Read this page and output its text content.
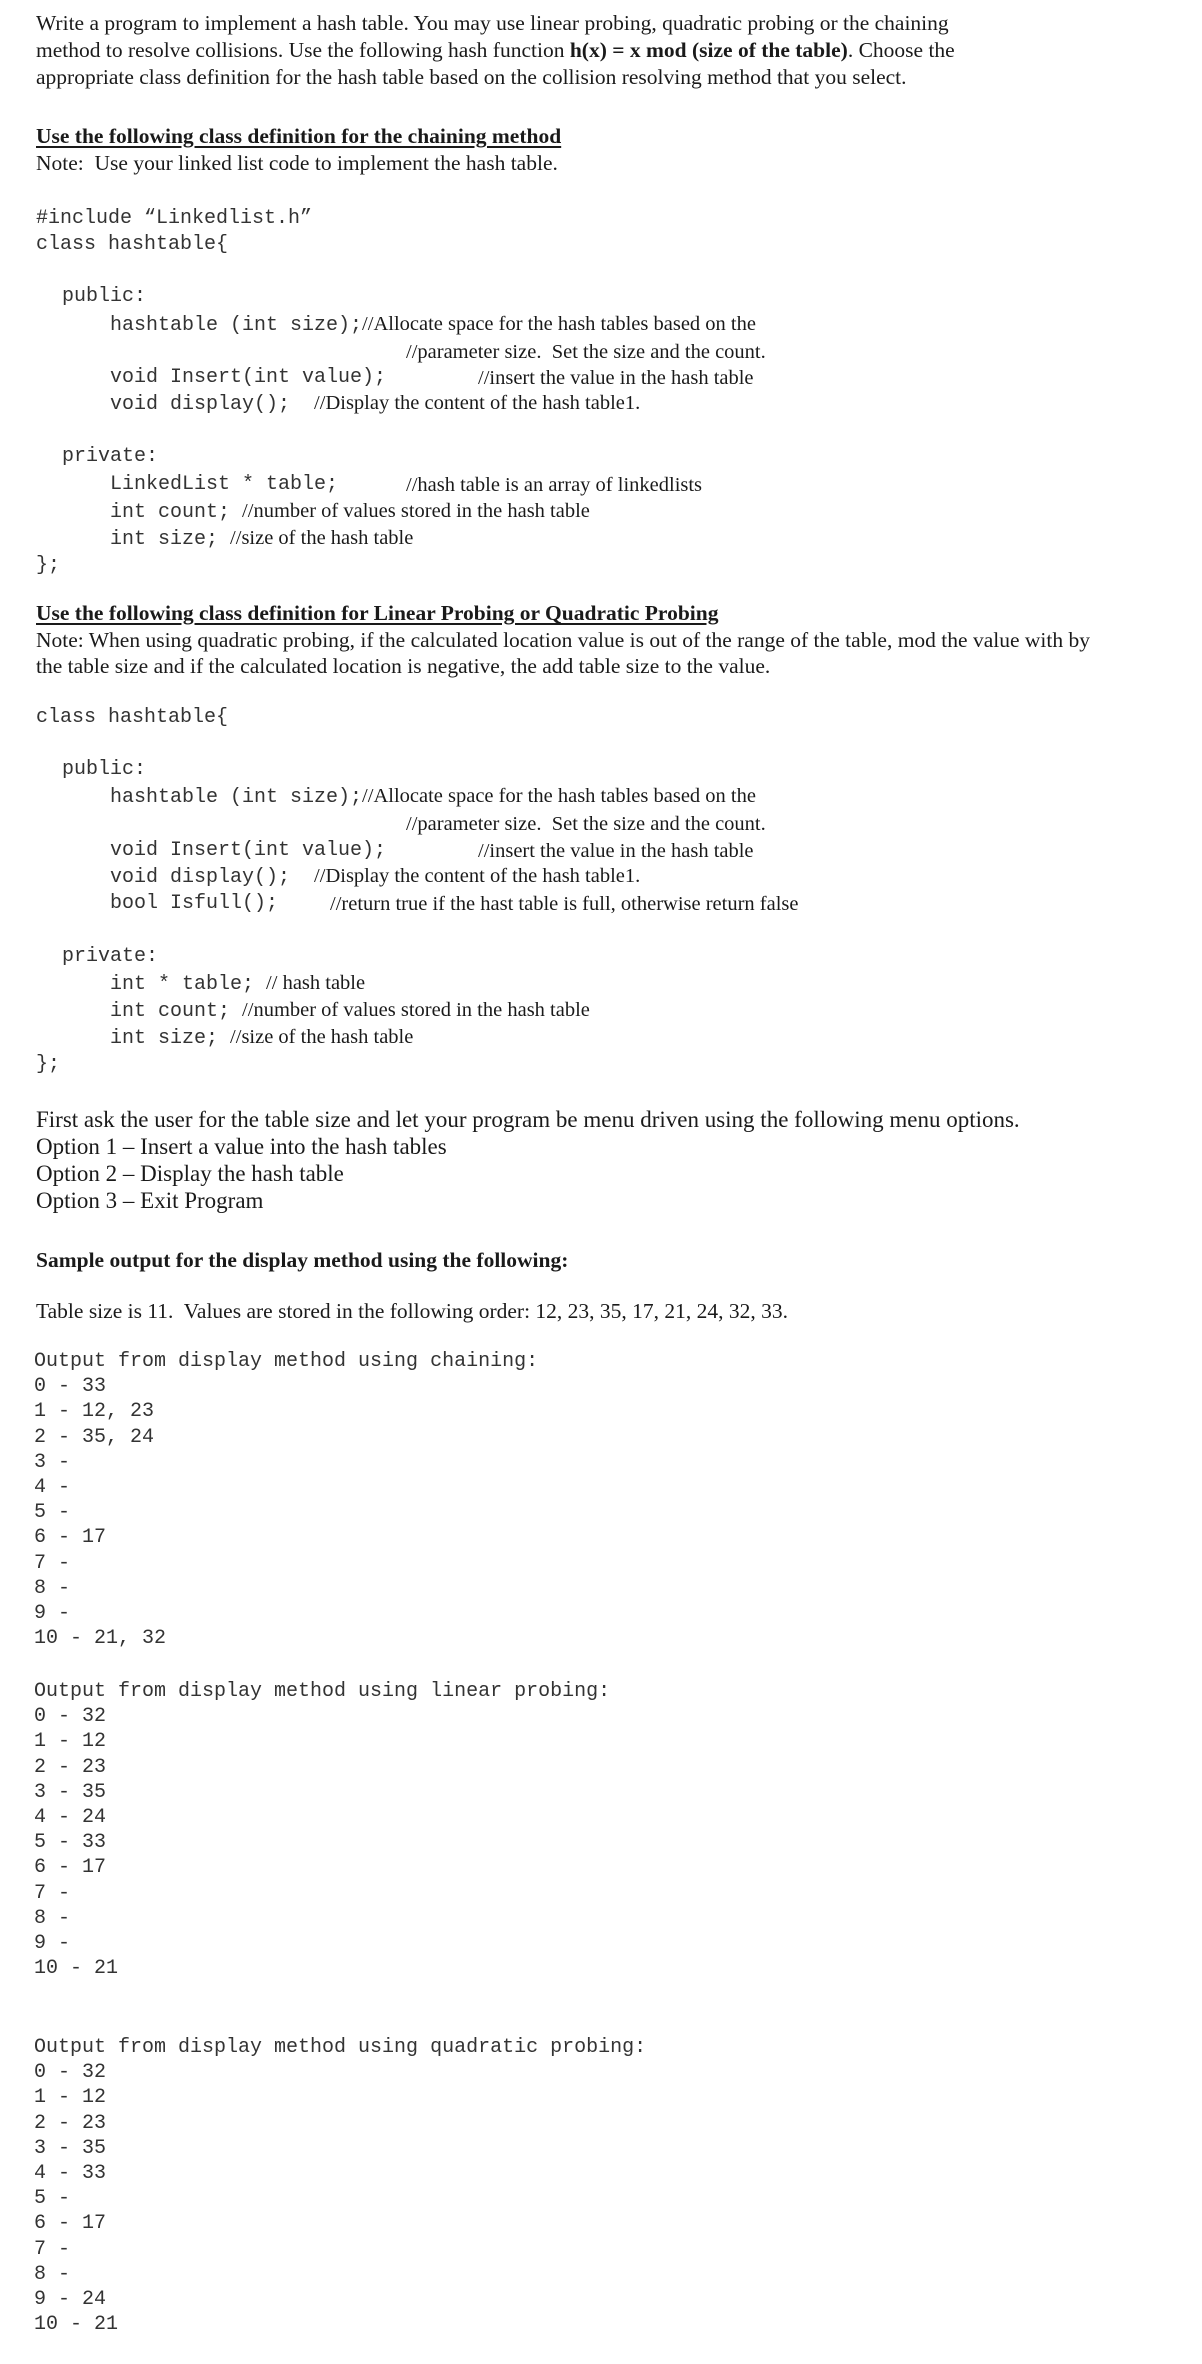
Write a program to implement a hash table. You may use linear probing, quadratic probing or the chaining
method to resolve collisions. Use the following hash function h(x) = x mod (size of the table). Choose the
appropriate class definition for the hash table based on the collision resolving method that you select.
Use the following class definition for the chaining method
Note:  Use your linked list code to implement the hash table.
#include “Linkedlist.h”
class hashtable{
public:
hashtable (int size);//Allocate space for the hash tables based on the
//parameter size.  Set the size and the count.
void Insert(int value);	//insert the value in the hash table
void display(); //Display the content of the hash table1.
private:
LinkedList * table;	//hash table is an array of linkedlists
int count; //number of values stored in the hash table
int size; //size of the hash table
};
Use the following class definition for Linear Probing or Quadratic Probing
Note: When using quadratic probing, if the calculated location value is out of the range of the table, mod the value with by
the table size and if the calculated location is negative, the add table size to the value.
class hashtable{
public:
hashtable (int size);//Allocate space for the hash tables based on the
//parameter size.  Set the size and the count.
void Insert(int value);	//insert the value in the hash table
void display(); //Display the content of the hash table1.
bool Isfull();	//return true if the hast table is full, otherwise return false
private:
int * table; // hash table
int count; //number of values stored in the hash table
int size; //size of the hash table
};
First ask the user for the table size and let your program be menu driven using the following menu options.
Option 1 – Insert a value into the hash tables
Option 2 – Display the hash table
Option 3 – Exit Program
Sample output for the display method using the following:
Table size is 11.  Values are stored in the following order: 12, 23, 35, 17, 21, 24, 32, 33.
Output from display method using chaining:
0 - 33
1 - 12, 23
2 - 35, 24
3 -
4 -
5 -
6 - 17
7 -
8 -
9 -
10 - 21, 32
Output from display method using linear probing:
0 - 32
1 - 12
2 - 23
3 - 35
4 - 24
5 - 33
6 - 17
7 -
8 -
9 -
10 - 21
Output from display method using quadratic probing:
0 - 32
1 - 12
2 - 23
3 - 35
4 - 33
5 -
6 - 17
7 -
8 -
9 - 24
10 - 21
